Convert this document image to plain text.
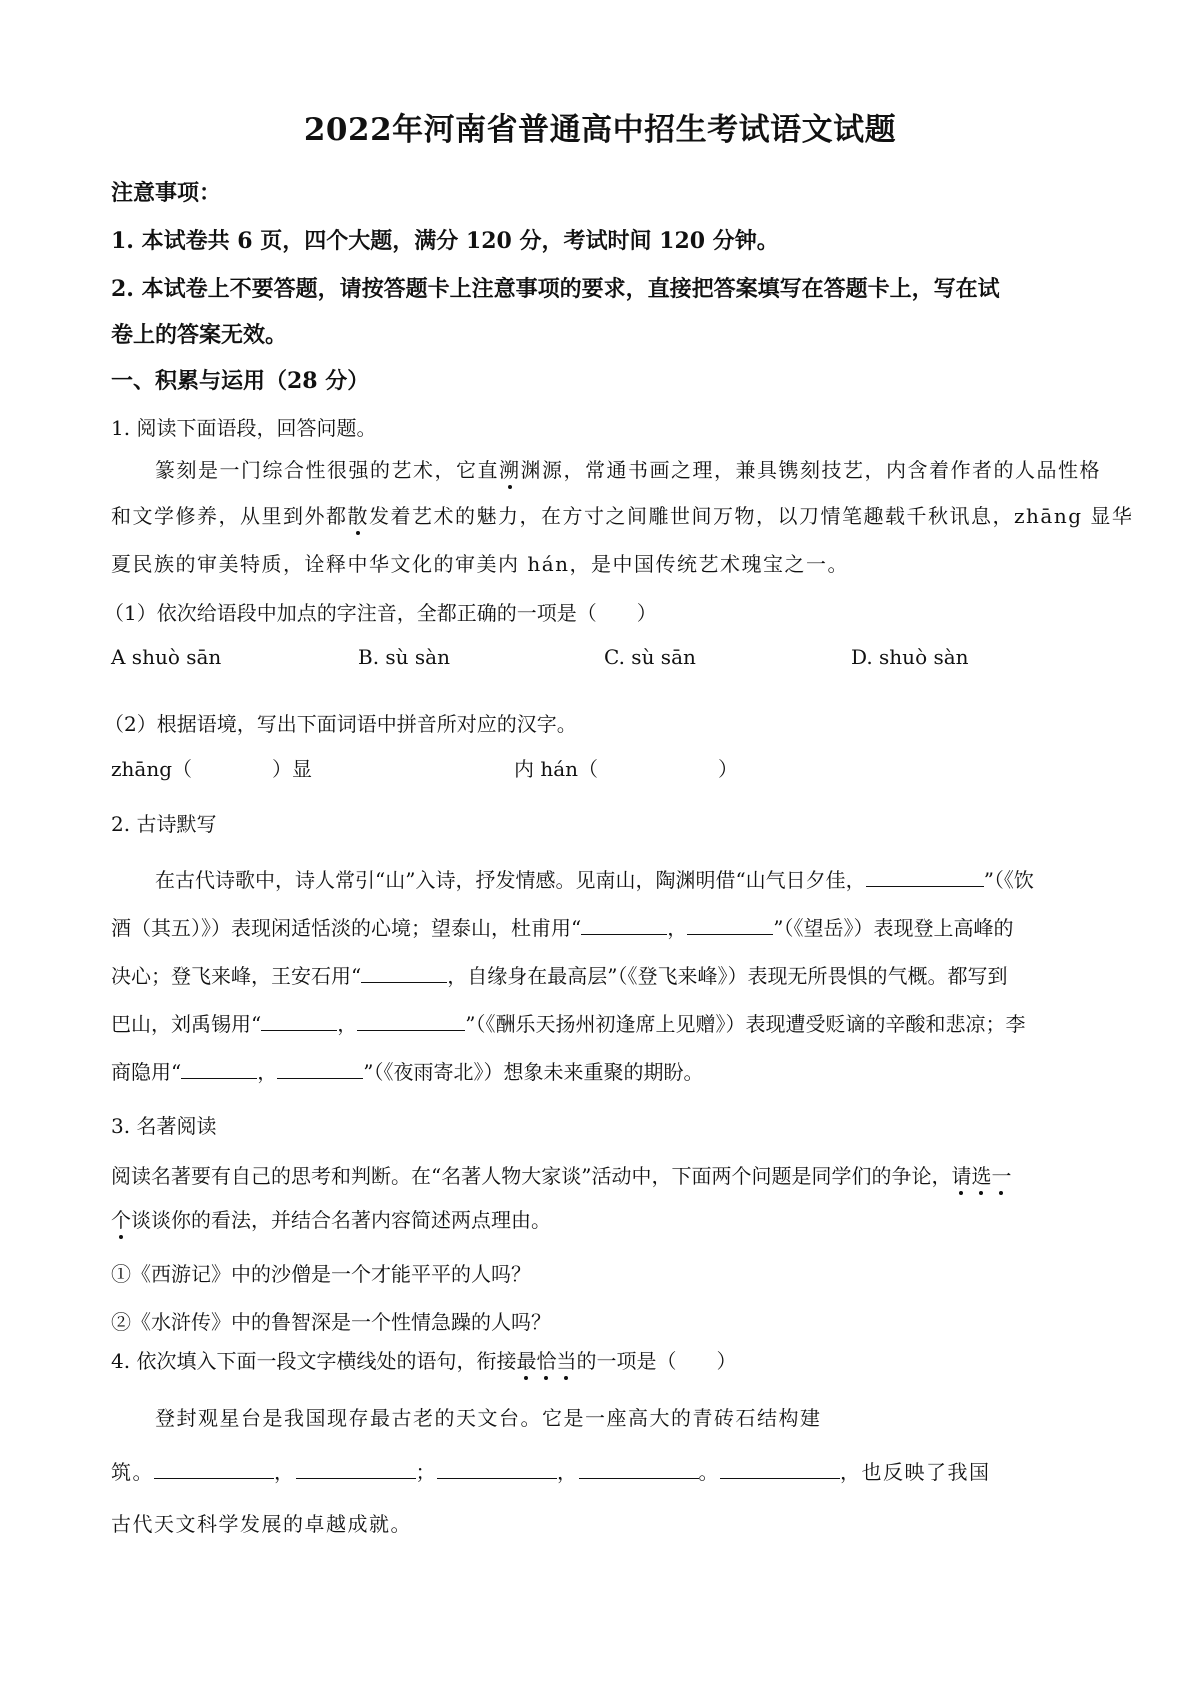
2022年河南省普通高中招生考试语文试题
注意事项：
1. 本试卷共 6 页，四个大题，满分 120 分，考试时间 120 分钟。
2. 本试卷上不要答题，请按答题卡上注意事项的要求，直接把答案填写在答题卡上，写在试
卷上的答案无效。
一、积累与运用（28 分）
1. 阅读下面语段，回答问题。
篆刻是一门综合性很强的艺术，它直溯渊源，常通书画之理，兼具镌刻技艺，内含着作者的人品性格
和文学修养，从里到外都散发着艺术的魅力，在方寸之间雕世间万物，以刀情笔趣载千秋讯息，zhāng 显华
夏民族的审美特质，诠释中华文化的审美内 hán，是中国传统艺术瑰宝之一。
（1）依次给语段中加点的字注音，全都正确的一项是（　　）
A shuò sān	B. sù sàn	C. sù sān	D. shuò sàn
（2）根据语境，写出下面词语中拼音所对应的汉字。
zhāng（　　　　）显	内 hán（　　　　　　）
2. 古诗默写
在古代诗歌中，诗人常引“山”入诗，抒发情感。见南山，陶渊明借“山气日夕佳，	”（《饮
酒（其五）》）表现闲适恬淡的心境；望泰山，杜甫用“	，	”（《望岳》）表现登上高峰的
决心；登飞来峰，王安石用“	，自缘身在最高层”（《登飞来峰》）表现无所畏惧的气概。都写到
巴山，刘禹锡用“	，	”（《酬乐天扬州初逢席上见赠》）表现遭受贬谪的辛酸和悲凉；李
商隐用“	，	”（《夜雨寄北》）想象未来重聚的期盼。
3. 名著阅读
阅读名著要有自己的思考和判断。在“名著人物大家谈”活动中，下面两个问题是同学们的争论，请选一
个谈谈你的看法，并结合名著内容简述两点理由。
①《西游记》中的沙僧是一个才能平平的人吗？
②《水浒传》中的鲁智深是一个性情急躁的人吗？
4. 依次填入下面一段文字横线处的语句，衔接最恰当的一项是（　　）
登封观星台是我国现存最古老的天文台。它是一座高大的青砖石结构建
筑。	，	；	，	。	，也反映了我国
古代天文科学发展的卓越成就。
